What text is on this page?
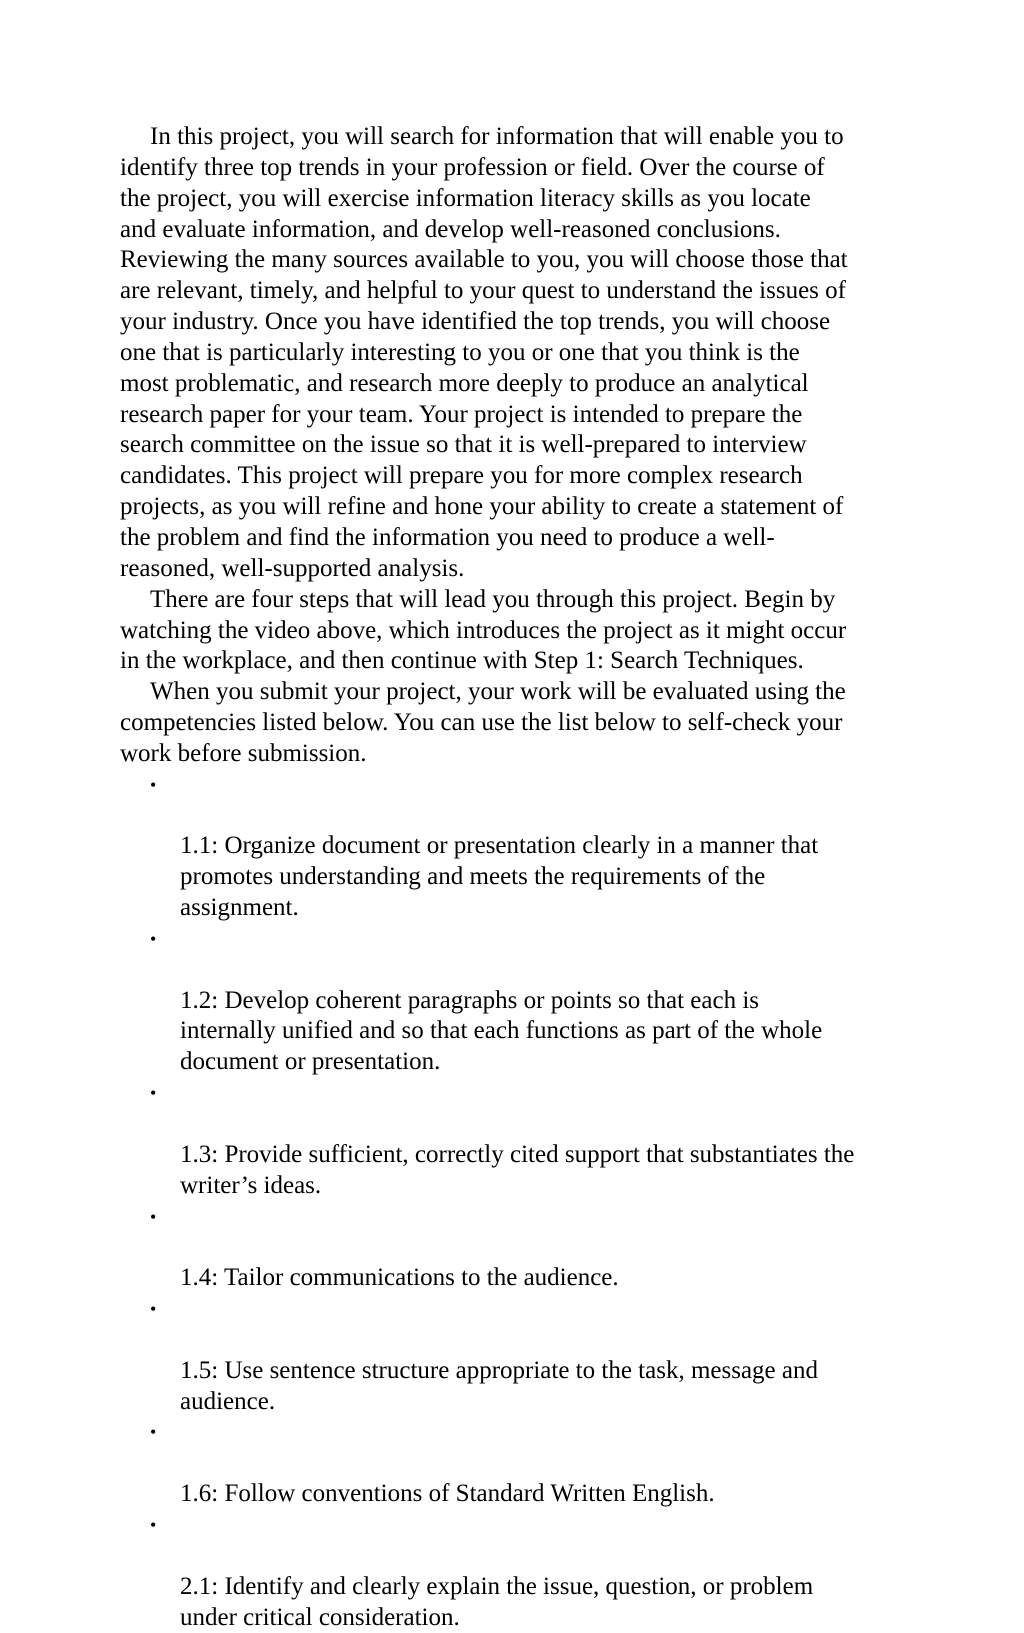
In this project, you will search for information that will enable you to
identify three top trends in your profession or field. Over the course of
the project, you will exercise information literacy skills as you locate
and evaluate information, and develop well-reasoned conclusions.
Reviewing the many sources available to you, you will choose those that
are relevant, timely, and helpful to your quest to understand the issues of
your industry. Once you have identified the top trends, you will choose
one that is particularly interesting to you or one that you think is the
most problematic, and research more deeply to produce an analytical
research paper for your team. Your project is intended to prepare the
search committee on the issue so that it is well-prepared to interview
candidates. This project will prepare you for more complex research
projects, as you will refine and hone your ability to create a statement of
the problem and find the information you need to produce a well-
reasoned, well-supported analysis.

There are four steps that will lead you through this project. Begin by
watching the video above, which introduces the project as it might occur
in the workplace, and then continue with Step 1: Search Techniques.

When you submit your project, your work will be evaluated using the
competencies listed below. You can use the list below to self-check your
work before submission.

•

1.1: Organize document or presentation clearly in a manner that
promotes understanding and meets the requirements of the
assignment.

•

1.2: Develop coherent paragraphs or points so that each is
internally unified and so that each functions as part of the whole
document or presentation.

•

1.3: Provide sufficient, correctly cited support that substantiates the
writer’s ideas.

•

1.4: Tailor communications to the audience.

•

1.5: Use sentence structure appropriate to the task, message and
audience.

•

1.6: Follow conventions of Standard Written English.

•

2.1: Identify and clearly explain the issue, question, or problem
under critical consideration.
